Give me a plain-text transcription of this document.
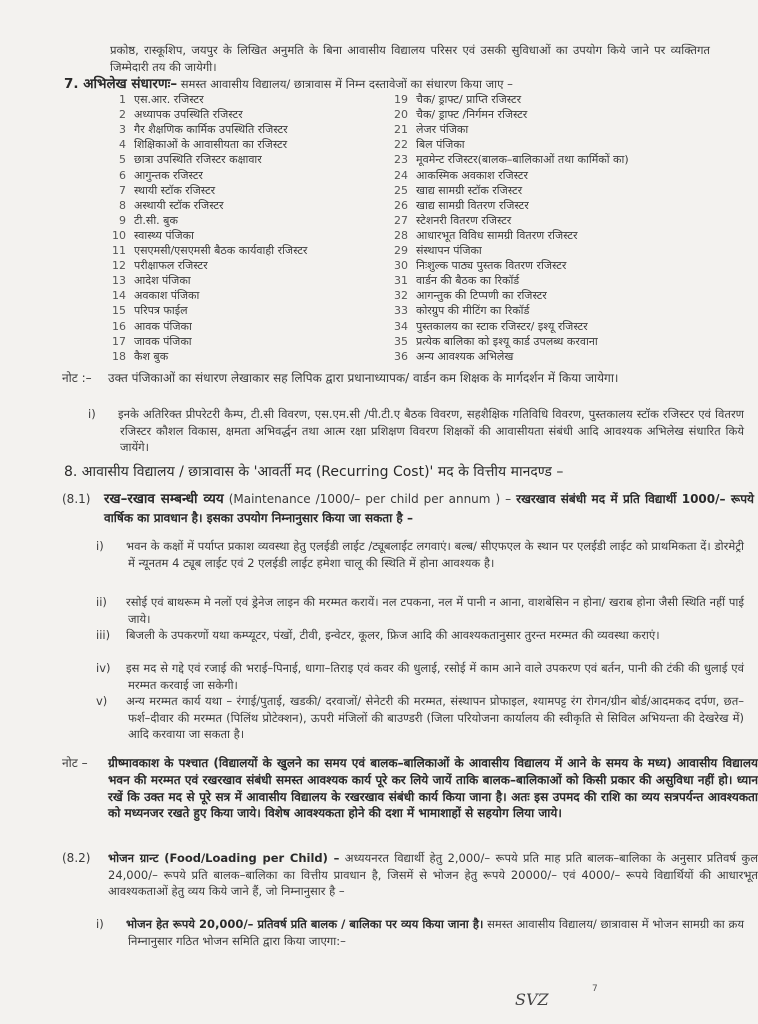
प्रकोष्ठ, रास्कूशिप, जयपुर के लिखित अनुमति के बिना आवासीय विद्यालय परिसर एवं उसकी सुविधाओं का उपयोग किये जाने पर व्यक्तिगत जिम्मेदारी तय की जायेगी।
7. अभिलेख संधारणः– समस्त आवासीय विद्यालय/ छात्रावास में निम्न दस्तावेजों का संधारण किया जाए –
1 एस.आर. रजिस्टर
2 अध्यापक उपस्थिति रजिस्टर
3 गैर शैक्षणिक कार्मिक उपस्थिति रजिस्टर
4 शिक्षिकाओं के आवासीयता का रजिस्टर
5 छात्रा उपस्थिति रजिस्टर कक्षावार
6 आगुन्तक रजिस्टर
7 स्थायी स्टॉक रजिस्टर
8 अस्थायी स्टॉक रजिस्टर
9 टी.सी. बुक
10 स्वास्थ्य पंजिका
11 एसएमसी/एसएमसी बैठक कार्यवाही रजिस्टर
12 परीक्षाफल रजिस्टर
13 आदेश पंजिका
14 अवकाश पंजिका
15 परिपत्र फाईल
16 आवक पंजिका
17 जावक पंजिका
18 कैश बुक
19 चैक/ ड्राफ्ट/ प्राप्ति रजिस्टर
20 चैक/ ड्राफ्ट /निर्गमन रजिस्टर
21 लेजर पंजिका
22 बिल पंजिका
23 मूवमेन्ट रजिस्टर(बालक–बालिकाओं तथा कार्मिकों का)
24 आकस्मिक अवकाश रजिस्टर
25 खाद्य सामग्री स्टॉक रजिस्टर
26 खाद्य सामग्री वितरण रजिस्टर
27 स्टेशनरी वितरण रजिस्टर
28 आधारभूत विविध सामग्री वितरण रजिस्टर
29 संस्थापन पंजिका
30 निःशुल्क पाठ्य पुस्तक वितरण रजिस्टर
31 वार्डन की बैठक का रिकॉर्ड
32 आगन्तुक की टिप्पणी का रजिस्टर
33 कोरग्रुप की मीटिंग का रिकॉर्ड
34 पुस्तकालय का स्टाक रजिस्टर/ इश्यू रजिस्टर
35 प्रत्येक बालिका को इश्यू कार्ड उपलब्ध करवाना
36 अन्य आवश्यक अभिलेख
नोट :– उक्त पंजिकाओं का संधारण लेखाकार सह लिपिक द्वारा प्रधानाध्यापक/ वार्डन कम शिक्षक के मार्गदर्शन में किया जायेगा।
i) इनके अतिरिक्त प्रीपरेटरी कैम्प, टी.सी विवरण, एस.एम.सी /पी.टी.ए बैठक विवरण, सहशैक्षिक गतिविधि विवरण, पुस्तकालय स्टॉक रजिस्टर एवं वितरण रजिस्टर कौशल विकास, क्षमता अभिवर्द्धन तथा आत्म रक्षा प्रशिक्षण विवरण शिक्षकों की आवासीयता संबंधी आदि आवश्यक अभिलेख संधारित किये जायेंगे।
8. आवासीय विद्यालय / छात्रावास के 'आवर्ती मद (Recurring Cost)' मद के वित्तीय मानदण्ड –
(8.1) रख–रखाव सम्बन्धी व्यय (Maintenance /1000/– per child per annum ) – रखरखाव संबंधी मद में प्रति विद्यार्थी 1000/– रूपये वार्षिक का प्रावधान है। इसका उपयोग निम्नानुसार किया जा सकता है –
i) भवन के कक्षों में पर्याप्त प्रकाश व्यवस्था हेतु एलईडी लाईट /ट्यूबलाईट लगवाएं। बल्ब/ सीएफएल के स्थान पर एलईडी लाईट को प्राथमिकता दें। डोरमेट्री में न्यूनतम 4 ट्यूब लाईट एवं 2 एलईडी लाईट हमेशा चालू की स्थिति में होना आवश्यक है।
ii) रसोई एवं बाथरूम मे नलों एवं ड्रेनेज लाइन की मरम्मत करायें। नल टपकना, नल में पानी न आना, वाशबेसिन न होना/ खराब होना जैसी स्थिति नहीं पाई जाये।
iii) बिजली के उपकरणों यथा कम्प्यूटर, पंखों, टीवी, इन्वेटर, कूलर, फ्रिज आदि की आवश्यकतानुसार तुरन्त मरम्मत की व्यवस्था कराएं।
iv) इस मद से गद्दे एवं रजाई की भराई–पिनाई, धागा–तिराइ एवं कवर की धुलाई, रसोई में काम आने वाले उपकरण एवं बर्तन, पानी की टंकी की धुलाई एवं मरम्मत करवाई जा सकेगी।
v) अन्य मरम्मत कार्य यथा – रंगाई/पुताई, खडकी/ दरवाजों/ सेनेटरी की मरम्मत, संस्थापन प्रोफाइल, श्यामपट्ट रंग रोगन/ग्रीन बोर्ड/आदमकद दर्पण, छत–फर्श–दीवार की मरम्मत (पिलिंथ प्रोटेक्शन), ऊपरी मंजिलों की बाउण्डरी (जिला परियोजना कार्यालय की स्वीकृति से सिविल अभियन्ता की देखरेख में) आदि करवाया जा सकता है।
नोट – ग्रीष्मावकाश के पश्चात (विद्यालयों के खुलने का समय एवं बालक–बालिकाओं के आवासीय विद्यालय में आने के समय के मध्य) आवासीय विद्यालय भवन की मरम्मत एवं रखरखाव संबंधी समस्त आवश्यक कार्य पूरे कर लिये जायें ताकि बालक–बालिकाओं को किसी प्रकार की असुविधा नहीं हो। ध्यान रखें कि उक्त मद से पूरे सत्र में आवासीय विद्यालय के रखरखाव संबंधी कार्य किया जाना है। अतः इस उपमद की राशि का व्यय सत्रपर्यन्त आवश्यकता को मध्यनजर रखते हुए किया जाये। विशेष आवश्यकता होने की दशा में भामाशाहों से सहयोग लिया जाये।
(8.2) भोजन ग्रान्ट (Food/Loading per Child) – अध्ययनरत विद्यार्थी हेतु 2,000/– रूपये प्रति माह प्रति बालक–बालिका के अनुसार प्रतिवर्ष कुल 24,000/– रूपये प्रति बालक–बालिका का वित्तीय प्रावधान है, जिसमें से भोजन हेतु रूपये 20000/– एवं 4000/– रूपये विद्यार्थियों की आधारभूत आवश्यकताओं हेतु व्यय किये जाने हैं, जो निम्नानुसार है –
i) भोजन हेत रूपये 20,000/– प्रतिवर्ष प्रति बालक / बालिका पर व्यय किया जाना है। समस्त आवासीय विद्यालय/ छात्रावास में भोजन सामग्री का क्रय निम्नानुसार गठित भोजन समिति द्वारा किया जाएगा:–
SVZ
7
